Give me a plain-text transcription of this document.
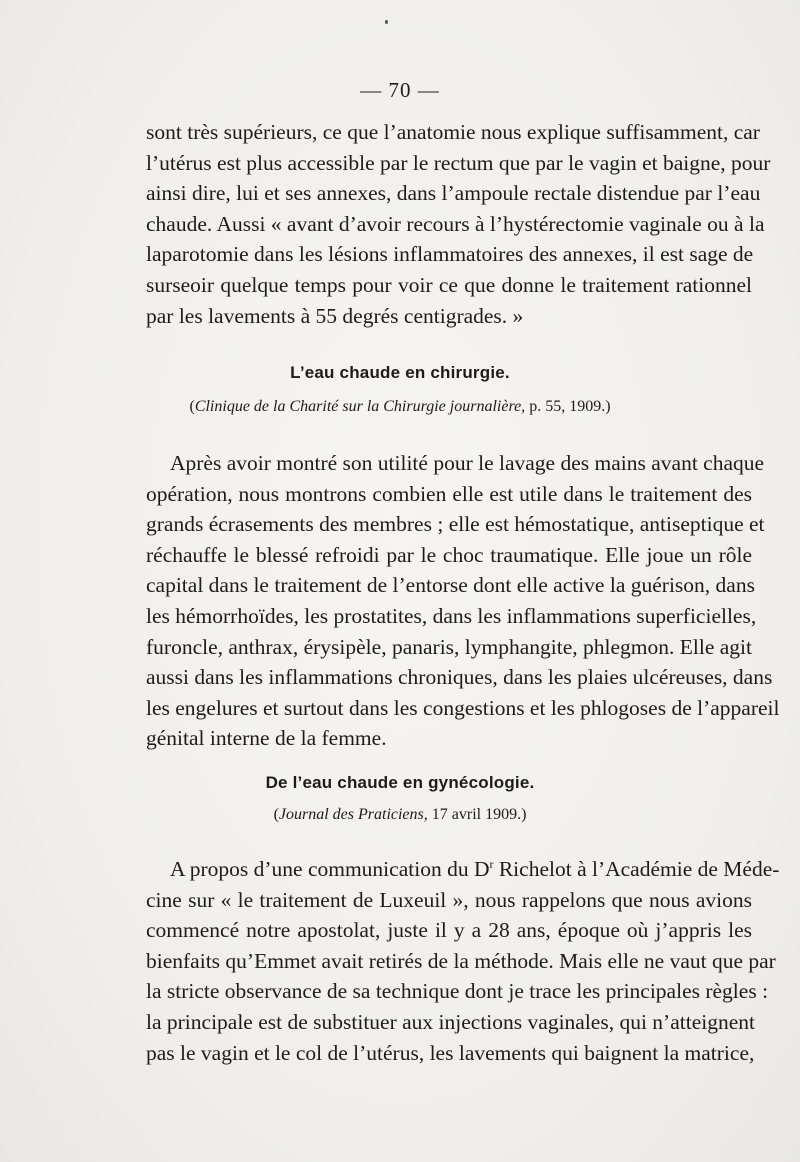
— 70 —
sont très supérieurs, ce que l’anatomie nous explique suffisamment, car
l’utérus est plus accessible par le rectum que par le vagin et baigne, pour
ainsi dire, lui et ses annexes, dans l’ampoule rectale distendue par l’eau
chaude. Aussi « avant d’avoir recours à l’hystérectomie vaginale ou à la
laparotomie dans les lésions inflammatoires des annexes, il est sage de
surseoir quelque temps pour voir ce que donne le traitement rationnel
par les lavements à 55 degrés centigrades. »
L’eau chaude en chirurgie.
(Clinique de la Charité sur la Chirurgie journalière, p. 55, 1909.)
Après avoir montré son utilité pour le lavage des mains avant chaque
opération, nous montrons combien elle est utile dans le traitement des
grands écrasements des membres ; elle est hémostatique, antiseptique et
réchauffe le blessé refroidi par le choc traumatique. Elle joue un rôle
capital dans le traitement de l’entorse dont elle active la guérison, dans
les hémorrhoïdes, les prostatites, dans les inflammations superficielles,
furoncle, anthrax, érysipèle, panaris, lymphangite, phlegmon. Elle agit
aussi dans les inflammations chroniques, dans les plaies ulcéreuses, dans
les engelures et surtout dans les congestions et les phlogoses de l’appareil
génital interne de la femme.
De l’eau chaude en gynécologie.
(Journal des Praticiens, 17 avril 1909.)
A propos d’une communication du $D^r$ Richelot à l’Académie de Méde-
cine sur « le traitement de Luxeuil », nous rappelons que nous avions
commencé notre apostolat, juste il y a 28 ans, époque où j’appris les
bienfaits qu’Emmet avait retirés de la méthode. Mais elle ne vaut que par
la stricte observance de sa technique dont je trace les principales règles :
la principale est de substituer aux injections vaginales, qui n’atteignent
pas le vagin et le col de l’utérus, les lavements qui baignent la matrice,
